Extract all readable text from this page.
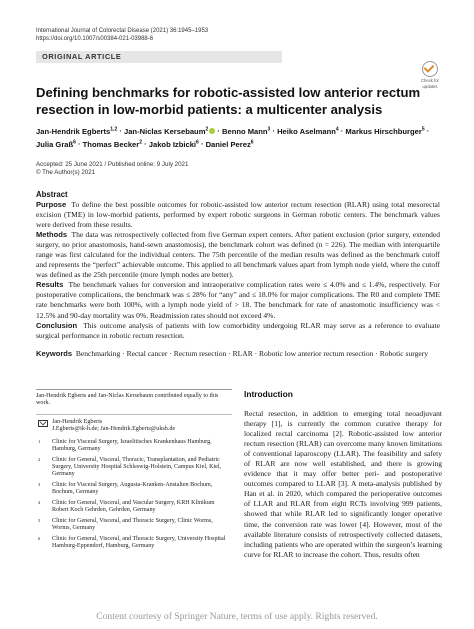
International Journal of Colorectal Disease (2021) 36:1945–1953
https://doi.org/10.1007/s00384-021-03988-6
ORIGINAL ARTICLE
Check for
updates
Defining benchmarks for robotic-assisted low anterior rectum resection in low-morbid patients: a multicenter analysis
Jan-Hendrik Egberts$^{1,2}$ · Jan-Niclas Kersebaum$^2$ · Benno Mann$^3$ · Heiko Aselmann$^4$ · Markus Hirschburger$^5$ · Julia Graß$^6$ · Thomas Becker$^2$ · Jakob Izbicki$^6$ · Daniel Perez$^6$
Accepted: 25 June 2021 / Published online: 9 July 2021
© The Author(s) 2021
Abstract

Purpose To define the best possible outcomes for robotic-assisted low anterior rectum resection (RLAR) using total mesorectal excision (TME) in low-morbid patients, performed by expert robotic surgeons in German robotic centers. The benchmark values were derived from these results.

Methods The data was retrospectively collected from five German expert centers. After patient exclusion (prior surgery, extended surgery, no prior anastomosis, hand-sewn anastomosis), the benchmark cohort was defined (n = 226). The median with interquartile range was first calculated for the individual centers. The 75th percentile of the median results was defined as the benchmark cutoff and represents the “perfect” achievable outcome. This applied to all benchmark values apart from lymph node yield, where the cutoff was defined as the 25th percentile (more lymph nodes are better).

Results The benchmark values for conversion and intraoperative complication rates were ≤ 4.0% and ≤ 1.4%, respectively. For postoperative complications, the benchmark was ≤ 28% for “any” and ≤ 18.0% for major complications. The R0 and complete TME rate benchmarks were both 100%, with a lymph node yield of > 18. The benchmark for rate of anastomotic insufficiency was < 12.5% and 90-day mortality was 0%. Readmission rates should not exceed 4%.

Conclusion This outcome analysis of patients with low comorbidity undergoing RLAR may serve as a reference to evaluate surgical performance in robotic rectum resection.

Keywords Benchmarking · Rectal cancer · Rectum resection · RLAR · Robotic low anterior rectum resection · Robotic surgery
Jan-Hendrik Egberts and Jan-Niclas Kersebaum contributed equally to this work.
Jan-Hendrik Egberts
J.Egberts@ik-h.de; Jan-Hendrik.Egberts@uksh.de
1 Clinic for Visceral Surgery, Israelitisches Krankenhaus Hamburg, Hamburg, Germany
2 Clinic for General, Visceral, Thoracic, Transplantation, and Pediatric Surgery, University Hospital Schleswig-Holstein, Campus Kiel, Kiel, Germany
3 Clinic for Visceral Surgery, Augusta-Kranken-Anstalten Bochum, Bochum, Germany
4 Clinic for General, Visceral, and Vascular Surgery, KRH Klinikum Robert Koch Gehrden, Gehrden, Germany
5 Clinic for General, Visceral, and Thoracic Surgery, Clinic Worms, Worms, Germany
6 Clinic for General, Visceral, and Thoracic Surgery, University Hospital Hamburg-Eppendorf, Hamburg, Germany
Introduction

Rectal resection, in addition to emerging total neoadjuvant therapy [1], is currently the common curative therapy for localized rectal carcinoma [2]. Robotic-assisted low anterior rectum resection (RLAR) can overcome many known limitations of conventional laparoscopy (LLAR). The feasibility and safety of RLAR are now well established, and there is growing evidence that it may offer better peri- and postoperative outcomes compared to LLAR [3]. A meta-analysis published by Han et al. in 2020, which compared the perioperative outcomes of LLAR and RLAR from eight RCTs involving 999 patients, showed that while RLAR led to significantly longer operative time, the conversion rate was lower [4]. However, most of the available literature consists of retrospectively collected datasets, including patients who are operated within the surgeon’s learning curve for RLAR to increase the cohort. Thus, results often

Content courtesy of Springer Nature, terms of use apply. Rights reserved.
